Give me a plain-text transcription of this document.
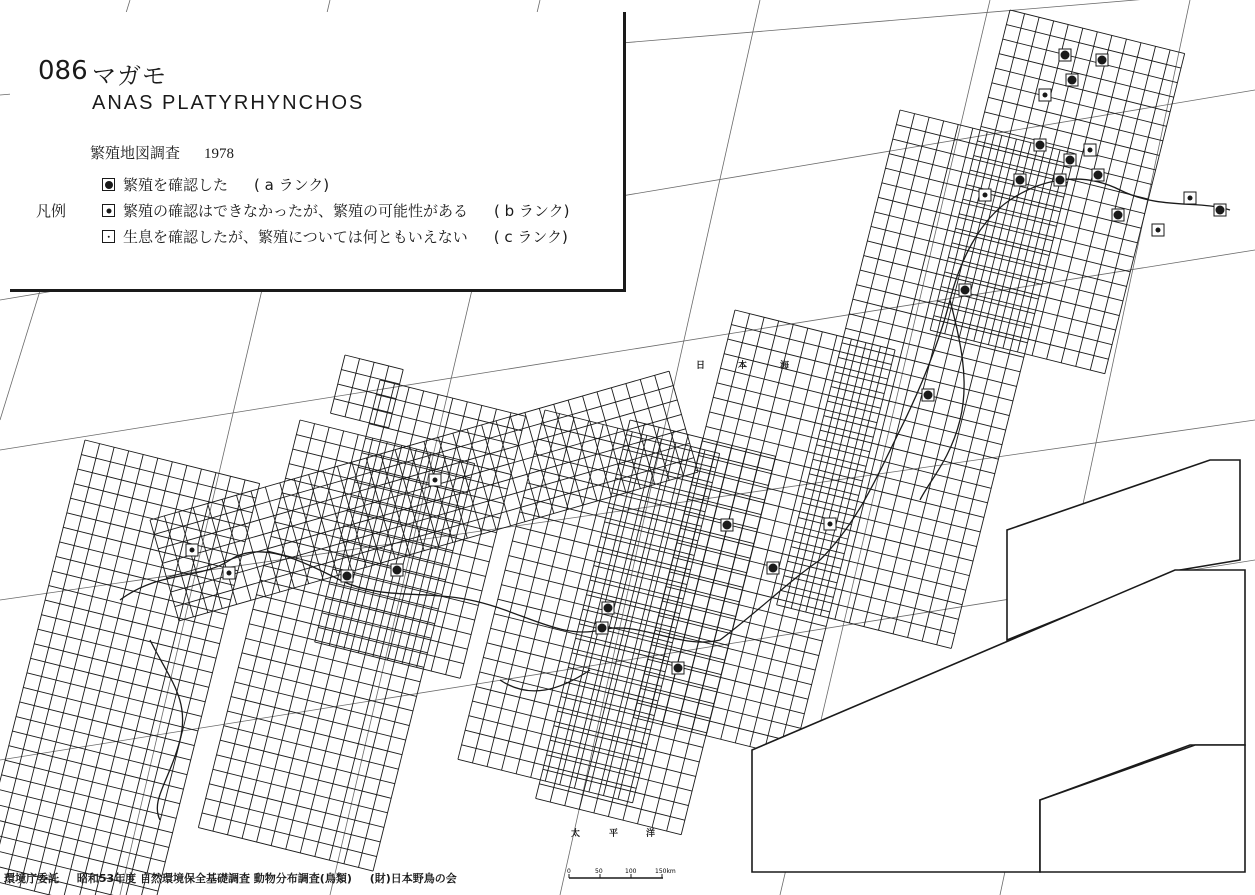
086 マガモ
ANAS PLATYRHYNCHOS
繁殖地図調査 1978
凡例
繁殖を確認した ( a ランク)
繁殖の確認はできなかったが、繁殖の可能性がある ( b ランク)
生息を確認したが、繁殖については何ともいえない ( c ランク)
日	本	海
太	平	洋
0	50	100	150km
環境庁委託 昭和53年度 自然環境保全基礎調査 動物分布調査(鳥類) (財)日本野鳥の会
